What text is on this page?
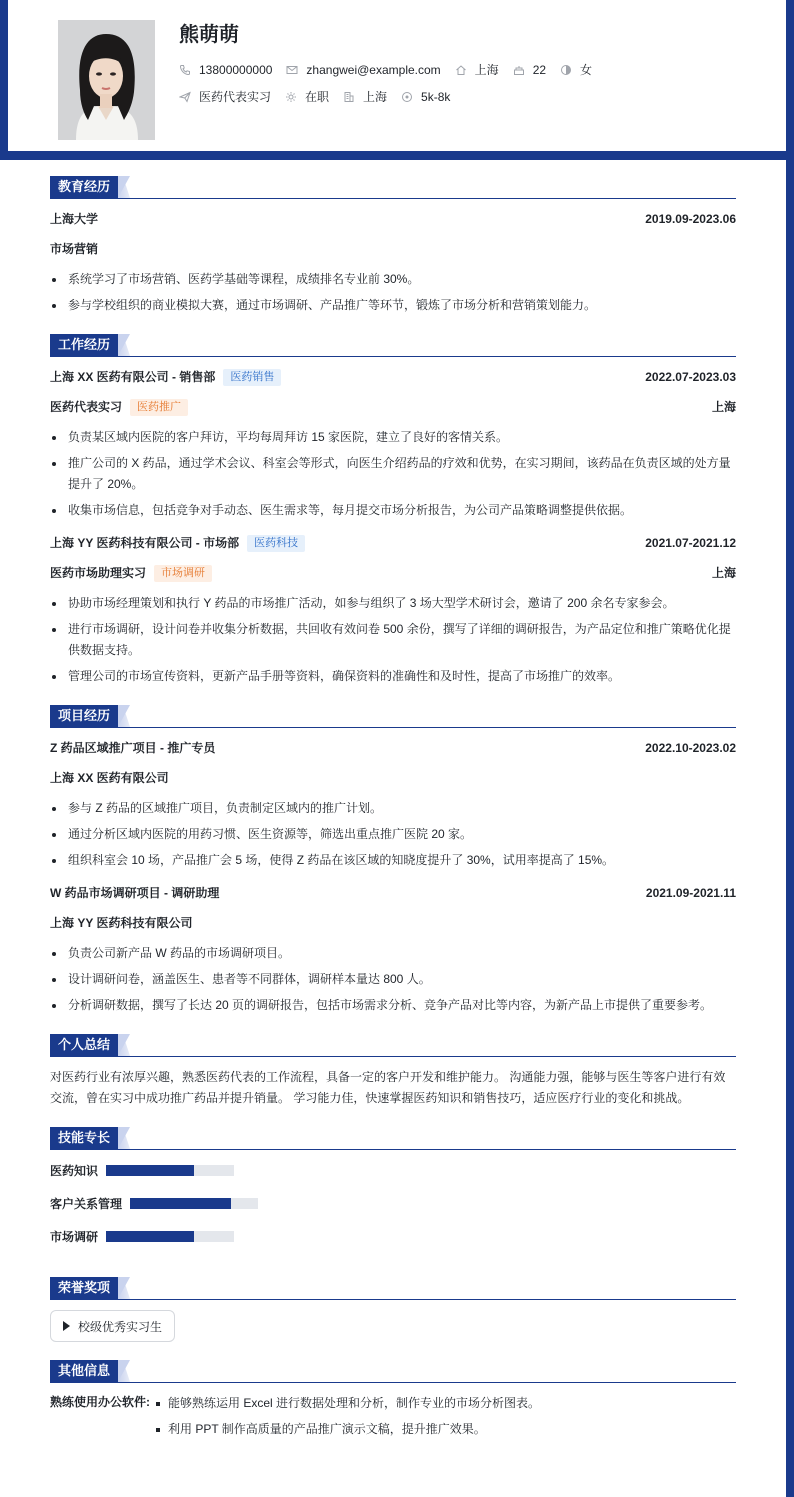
熊萌萌
13800000000	zhangwei@example.com	上海	22	女
医药代表实习	在职	上海	5k-8k
教育经历
上海大学	2019.09-2023.06
市场营销
系统学习了市场营销、医药学基础等课程，成绩排名专业前 30%。
参与学校组织的商业模拟大赛，通过市场调研、产品推广等环节，锻炼了市场分析和营销策划能力。
工作经历
上海 XX 医药有限公司 - 销售部	医药销售	2022.07-2023.03
医药代表实习	医药推广	上海
负责某区域内医院的客户拜访，平均每周拜访 15 家医院，建立了良好的客情关系。
推广公司的 X 药品，通过学术会议、科室会等形式，向医生介绍药品的疗效和优势，在实习期间，该药品在负责区域的处方量提升了 20%。
收集市场信息，包括竞争对手动态、医生需求等，每月提交市场分析报告，为公司产品策略调整提供依据。
上海 YY 医药科技有限公司 - 市场部	医药科技	2021.07-2021.12
医药市场助理实习	市场调研	上海
协助市场经理策划和执行 Y 药品的市场推广活动，如参与组织了 3 场大型学术研讨会，邀请了 200 余名专家参会。
进行市场调研，设计问卷并收集分析数据，共回收有效问卷 500 余份，撰写了详细的调研报告，为产品定位和推广策略优化提供数据支持。
管理公司的市场宣传资料，更新产品手册等资料，确保资料的准确性和及时性，提高了市场推广的效率。
项目经历
Z 药品区域推广项目 - 推广专员	2022.10-2023.02
上海 XX 医药有限公司
参与 Z 药品的区域推广项目，负责制定区域内的推广计划。
通过分析区域内医院的用药习惯、医生资源等，筛选出重点推广医院 20 家。
组织科室会 10 场，产品推广会 5 场，使得 Z 药品在该区域的知晓度提升了 30%，试用率提高了 15%。
W 药品市场调研项目 - 调研助理	2021.09-2021.11
上海 YY 医药科技有限公司
负责公司新产品 W 药品的市场调研项目。
设计调研问卷，涵盖医生、患者等不同群体，调研样本量达 800 人。
分析调研数据，撰写了长达 20 页的调研报告，包括市场需求分析、竞争产品对比等内容，为新产品上市提供了重要参考。
个人总结

对医药行业有浓厚兴趣，熟悉医药代表的工作流程，具备一定的客户开发和维护能力。 沟通能力强，能够与医生等客户进行有效交流，曾在实习中成功推广药品并提升销量。 学习能力佳，快速掌握医药知识和销售技巧，适应医疗行业的变化和挑战。

技能专长
医药知识
客户关系管理
市场调研
荣誉奖项
校级优秀实习生
其他信息
熟练使用办公软件:	能够熟练运用 Excel 进行数据处理和分析，制作专业的市场分析图表。
利用 PPT 制作高质量的产品推广演示文稿，提升推广效果。
